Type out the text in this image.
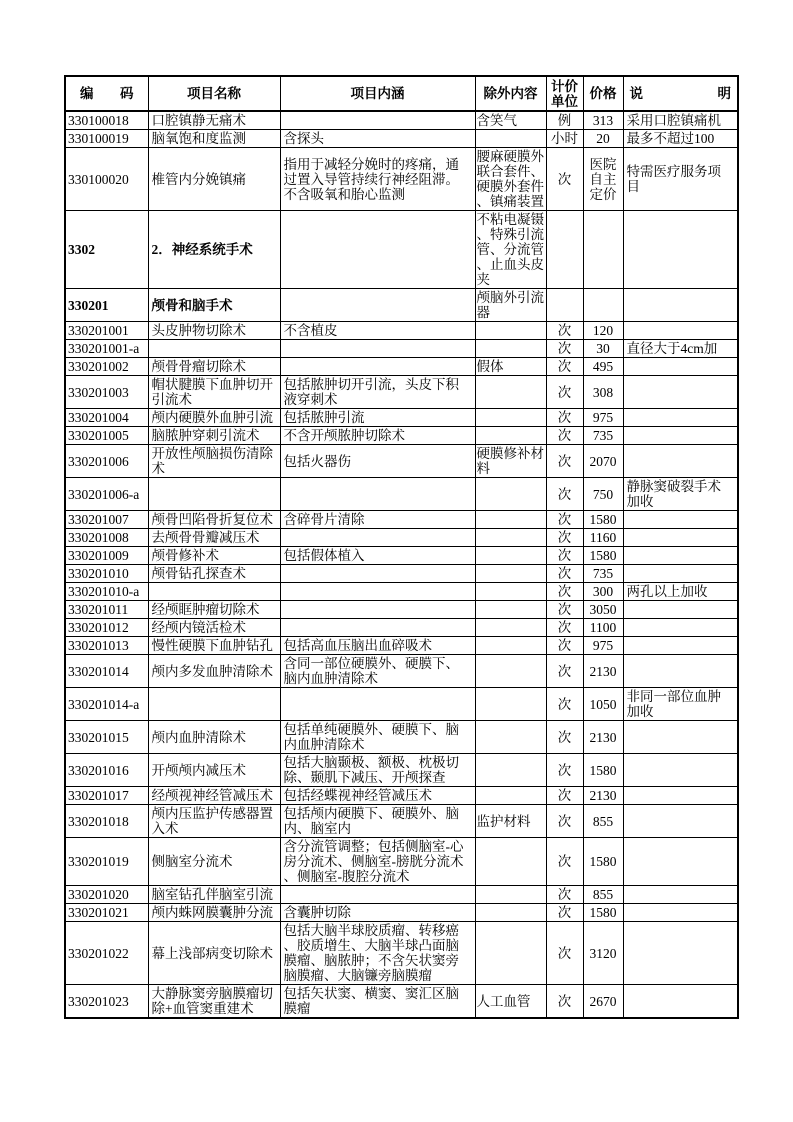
编码	项目名称	项目内涵	除外内容	计价单位	价格	说明
330100018	口腔镇静无痛术		含笑气	例	313	采用口腔镇痛机
330100019	脑氧饱和度监测	含探头		小时	20	最多不超过100
330100020	椎管内分娩镇痛	指用于减轻分娩时的疼痛，通过置入导管持续行神经阻滞。不含吸氧和胎心监测	腰麻硬膜外联合套件、硬膜外套件、镇痛装置	次	医院自主定价	特需医疗服务项目
3302	2．神经系统手术		不粘电凝镊、特殊引流管、分流管、止血头皮夹			
330201	颅骨和脑手术		颅脑外引流器			
330201001	头皮肿物切除术	不含植皮		次	120	
330201001-a				次	30	直径大于4cm加
330201002	颅骨骨瘤切除术		假体	次	495	
330201003	帽状腱膜下血肿切开引流术	包括脓肿切开引流，头皮下积液穿刺术		次	308	
330201004	颅内硬膜外血肿引流	包括脓肿引流		次	975	
330201005	脑脓肿穿刺引流术	不含开颅脓肿切除术		次	735	
330201006	开放性颅脑损伤清除术	包括火器伤	硬膜修补材料	次	2070	
330201006-a				次	750	静脉窦破裂手术加收
330201007	颅骨凹陷骨折复位术	含碎骨片清除		次	1580	
330201008	去颅骨骨瓣减压术			次	1160	
330201009	颅骨修补术	包括假体植入		次	1580	
330201010	颅骨钻孔探查术			次	735	
330201010-a				次	300	两孔以上加收
330201011	经颅眶肿瘤切除术			次	3050	
330201012	经颅内镜活检术			次	1100	
330201013	慢性硬膜下血肿钻孔	包括高血压脑出血碎吸术		次	975	
330201014	颅内多发血肿清除术	含同一部位硬膜外、硬膜下、脑内血肿清除术		次	2130	
330201014-a				次	1050	非同一部位血肿加收
330201015	颅内血肿清除术	包括单纯硬膜外、硬膜下、脑内血肿清除术		次	2130	
330201016	开颅颅内减压术	包括大脑颞极、额极、枕极切除、颞肌下减压、开颅探查		次	1580	
330201017	经颅视神经管减压术	包括经蝶视神经管减压术		次	2130	
330201018	颅内压监护传感器置入术	包括颅内硬膜下、硬膜外、脑内、脑室内	监护材料	次	855	
330201019	侧脑室分流术	含分流管调整；包括侧脑室-心房分流术、侧脑室-膀胱分流术、侧脑室-腹腔分流术		次	1580	
330201020	脑室钻孔伴脑室引流			次	855	
330201021	颅内蛛网膜囊肿分流	含囊肿切除		次	1580	
330201022	幕上浅部病变切除术	包括大脑半球胶质瘤、转移癌、胶质增生、大脑半球凸面脑膜瘤、脑脓肿；不含矢状窦旁脑膜瘤、大脑镰旁脑膜瘤		次	3120	
330201023	大静脉窦旁脑膜瘤切除+血管窦重建术	包括矢状窦、横窦、窦汇区脑膜瘤	人工血管	次	2670	
